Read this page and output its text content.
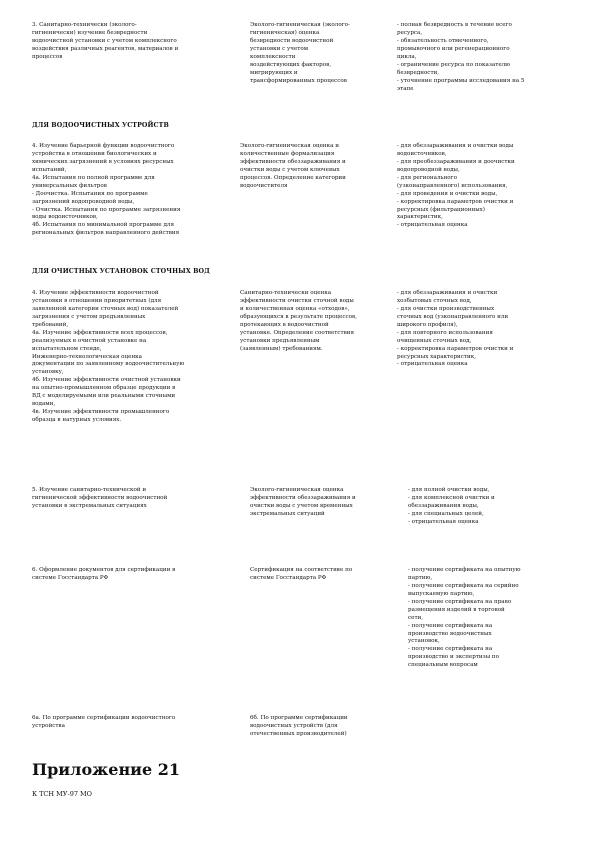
3. Санитарно-технически (эколого-
гигиенически) изучение безвредности
водоочистной установки с учетом комплексного
воздействия различных реагентов, материалов и
процессов
Эколого-гигиеническая (эколого-
гигиеническая) оценка
безвредности водоочистной
установки с учетом
комплексности
воздействующих факторов,
мигрирующих и
трансформированных процессов
- полная безвредность в течение всего
ресурса,
- обязательность отмеченного,
промывочного или регенерационного
цикла,
- ограничение ресурса по показателю
безвредности,
- уточнение программы исследования на 5
этапе
ДЛЯ ВОДООЧИСТНЫХ УСТРОЙСТВ
4. Изучение барьерной функции водоочистного
устройства в отношении биологических и
химических загрязнений в условиях ресурсных
испытаний,
4а. Испытания по полной программе для
универсальных фильтров
- Доочистка. Испытания по программе
загрязнений водопроводной воды,
- Очистка. Испытания по программе загрязнения
воды водоисточников,
4б. Испытания по минимальной программе для
региональных фильтров направленного действия
Эколого-гигиеническая оценка и
количественные формализация
эффективности обеззараживания и
очистки воды с учетом ключевых
процессов. Определение категории
водоочистителя
- для обеззараживания и очистки воды
водоисточников,
- для преобеззараживания и доочистки
водопроводной воды,
- для регионального
(узконаправленного) использования,
- для проведения и очистки воды,
- корректировка параметров очистки и
ресурсных (фильтрационных)
характеристик,
- отрицательная оценка
ДЛЯ ОЧИСТНЫХ УСТАНОВОК СТОЧНЫХ ВОД
4. Изучение эффективности водоочистной
установки в отношении приоритетных (для
заявленной категории сточных вод) показателей
загрязнения с учетом предъявленных
требований,
4а. Изучение эффективности всех процессов,
реализуемых в очистной установке на
испытательном стенде,
Инженерно-технологическая оценка
документации по заявленному водоочистительную
установку,
4б. Изучение эффективности очистной установки
на опытно-промышленном образце продукции в
ВД с моделируемыми или реальными сточными
водами,
4в. Изучение эффективности промышленного
образца в натурных условиях.
Санитарно-технически оценка
эффективности очистки сточной воды
и количественная оценка «отходов»,
образующихся в результате процессов,
протекающих в водоочистной
установке. Определение соответствия
установки предъявленным
(заявленным) требованиям.
- для обеззараживания и очистки
хозбытовых сточных вод,
- для очистки производственных
сточных вод (узконаправленного или
широкого профиля),
- для повторного использования
очищенных сточных вод,
- корректировка параметров очистки и
ресурсных характеристик,
- отрицательная оценка
5. Изучение санитарно-технической и
гигиенической эффективности водоочистной
установки в экстремальных ситуациях
Эколого-гигиеническая оценка
эффективности обеззараживания и
очистки воды с учетом временных
экстремальных ситуаций
- для полной очистки воды,
- для комплексной очистки и
обеззараживания воды,
- для специальных целей,
- отрицательная оценка
6. Оформление документов для сертификации в
системе Госстандарта РФ
Сертификация на соответствие по
системе Госстандарта РФ
- получение сертификата на опытную
партию,
- получение сертификата на серийно
выпускаемую партию,
- получение сертификата на право
размещения изделий в торговой
сети,
- получение сертификата на
производство водоочистных
установок,
- получение сертификата на
производство и экспертизы по
специальным вопросам
6а. По программе сертификации водоочистного
устройства
6б. По программе сертификации
водоочистных устройств (для
отечественных производителей)
Приложение 21
К ТСН МУ-97 МО
